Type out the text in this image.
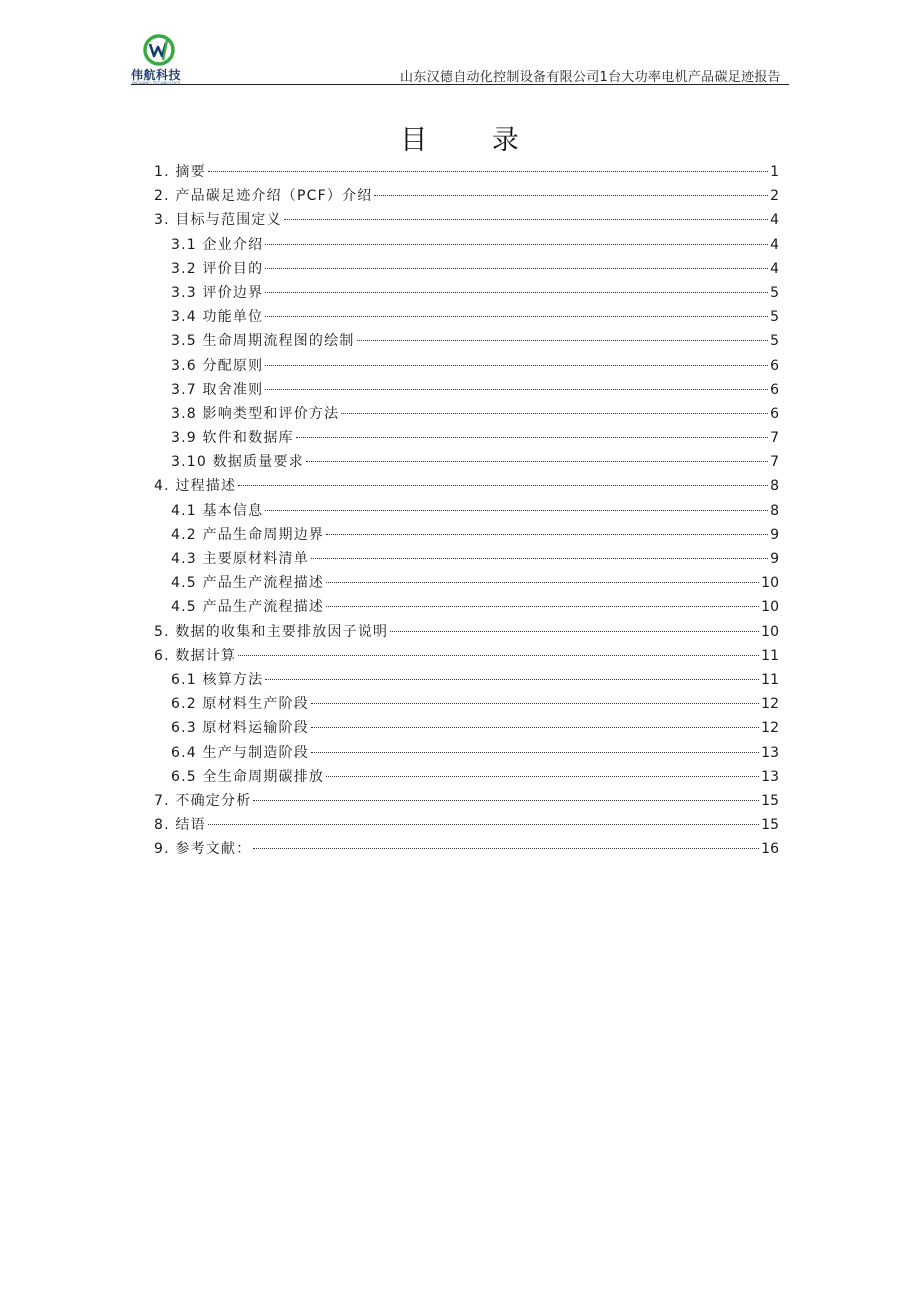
伟航科技
WEIHANG TECHNOLOGY	山东汉德自动化控制设备有限公司1台大功率电机产品碳足迹报告
目 录
1. 摘要	1
2. 产品碳足迹介绍（PCF）介绍	2
3. 目标与范围定义	4
3.1 企业介绍	4
3.2 评价目的	4
3.3 评价边界	5
3.4 功能单位	5
3.5 生命周期流程图的绘制	5
3.6 分配原则	6
3.7 取舍准则	6
3.8 影响类型和评价方法	6
3.9 软件和数据库	7
3.10 数据质量要求	7
4. 过程描述	8
4.1 基本信息	8
4.2 产品生命周期边界	9
4.3 主要原材料清单	9
4.5 产品生产流程描述	10
4.5 产品生产流程描述	10
5. 数据的收集和主要排放因子说明	10
6. 数据计算	11
6.1 核算方法	11
6.2 原材料生产阶段	12
6.3 原材料运输阶段	12
6.4 生产与制造阶段	13
6.5 全生命周期碳排放	13
7. 不确定分析	15
8. 结语	15
9. 参考文献：	16
